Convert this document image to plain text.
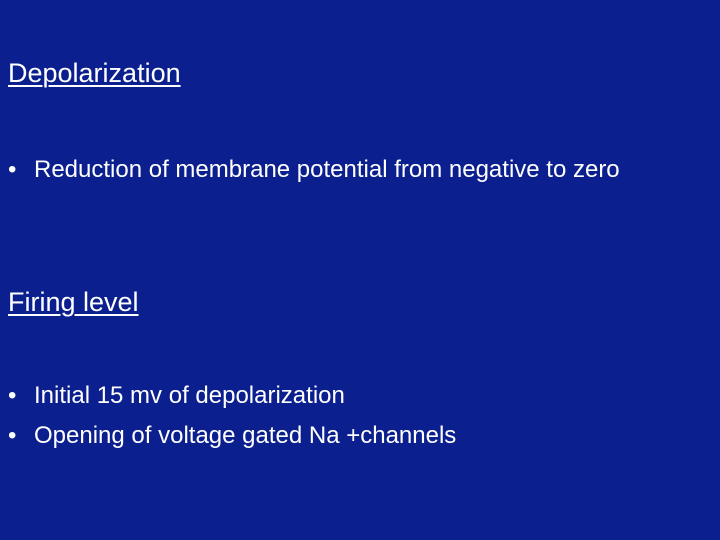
Depolarization
• Reduction of membrane potential from negative to zero
Firing level
• Initial 15 mv of depolarization
• Opening of voltage gated Na +channels
